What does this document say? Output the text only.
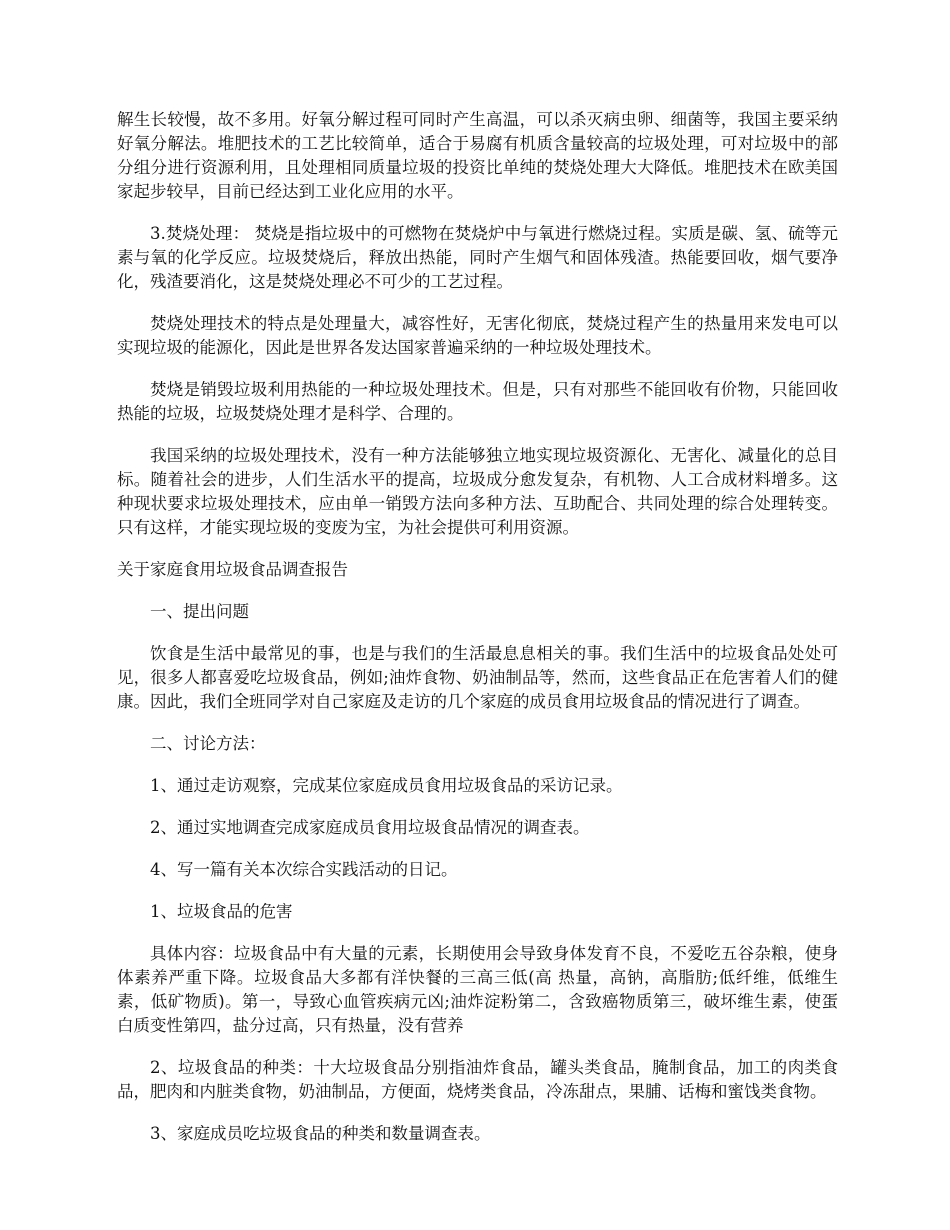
解生长较慢，故不多用。好氧分解过程可同时产生高温，可以杀灭病虫卵、细菌等，我国主要采纳好氧分解法。堆肥技术的工艺比较简单，适合于易腐有机质含量较高的垃圾处理，可对垃圾中的部分组分进行资源利用，且处理相同质量垃圾的投资比单纯的焚烧处理大大降低。堆肥技术在欧美国家起步较早，目前已经达到工业化应用的水平。

3.焚烧处理： 焚烧是指垃圾中的可燃物在焚烧炉中与氧进行燃烧过程。实质是碳、氢、硫等元素与氧的化学反应。垃圾焚烧后，释放出热能，同时产生烟气和固体残渣。热能要回收，烟气要净化，残渣要消化，这是焚烧处理必不可少的工艺过程。

焚烧处理技术的特点是处理量大，减容性好，无害化彻底，焚烧过程产生的热量用来发电可以实现垃圾的能源化，因此是世界各发达国家普遍采纳的一种垃圾处理技术。

焚烧是销毁垃圾利用热能的一种垃圾处理技术。但是，只有对那些不能回收有价物，只能回收热能的垃圾，垃圾焚烧处理才是科学、合理的。

我国采纳的垃圾处理技术，没有一种方法能够独立地实现垃圾资源化、无害化、减量化的总目标。随着社会的进步，人们生活水平的提高，垃圾成分愈发复杂，有机物、人工合成材料增多。这种现状要求垃圾处理技术，应由单一销毁方法向多种方法、互助配合、共同处理的综合处理转变。只有这样，才能实现垃圾的变废为宝，为社会提供可利用资源。

关于家庭食用垃圾食品调查报告

一、提出问题

饮食是生活中最常见的事，也是与我们的生活最息息相关的事。我们生活中的垃圾食品处处可见，很多人都喜爱吃垃圾食品，例如;油炸食物、奶油制品等，然而，这些食品正在危害着人们的健康。因此，我们全班同学对自己家庭及走访的几个家庭的成员食用垃圾食品的情况进行了调查。

二、讨论方法：

1、通过走访观察，完成某位家庭成员食用垃圾食品的采访记录。

2、通过实地调查完成家庭成员食用垃圾食品情况的调查表。

4、写一篇有关本次综合实践活动的日记。

1、垃圾食品的危害

具体内容：垃圾食品中有大量的元素，长期使用会导致身体发育不良，不爱吃五谷杂粮，使身体素养严重下降。垃圾食品大多都有洋快餐的三高三低(高 热量，高钠，高脂肪;低纤维，低维生素，低矿物质)。第一，导致心血管疾病元凶;油炸淀粉第二，含致癌物质第三，破坏维生素，使蛋白质变性第四，盐分过高，只有热量，没有营养

2、垃圾食品的种类：十大垃圾食品分别指油炸食品，罐头类食品，腌制食品，加工的肉类食品，肥肉和内脏类食物，奶油制品，方便面，烧烤类食品，冷冻甜点，果脯、话梅和蜜饯类食物。

3、家庭成员吃垃圾食品的种类和数量调查表。
